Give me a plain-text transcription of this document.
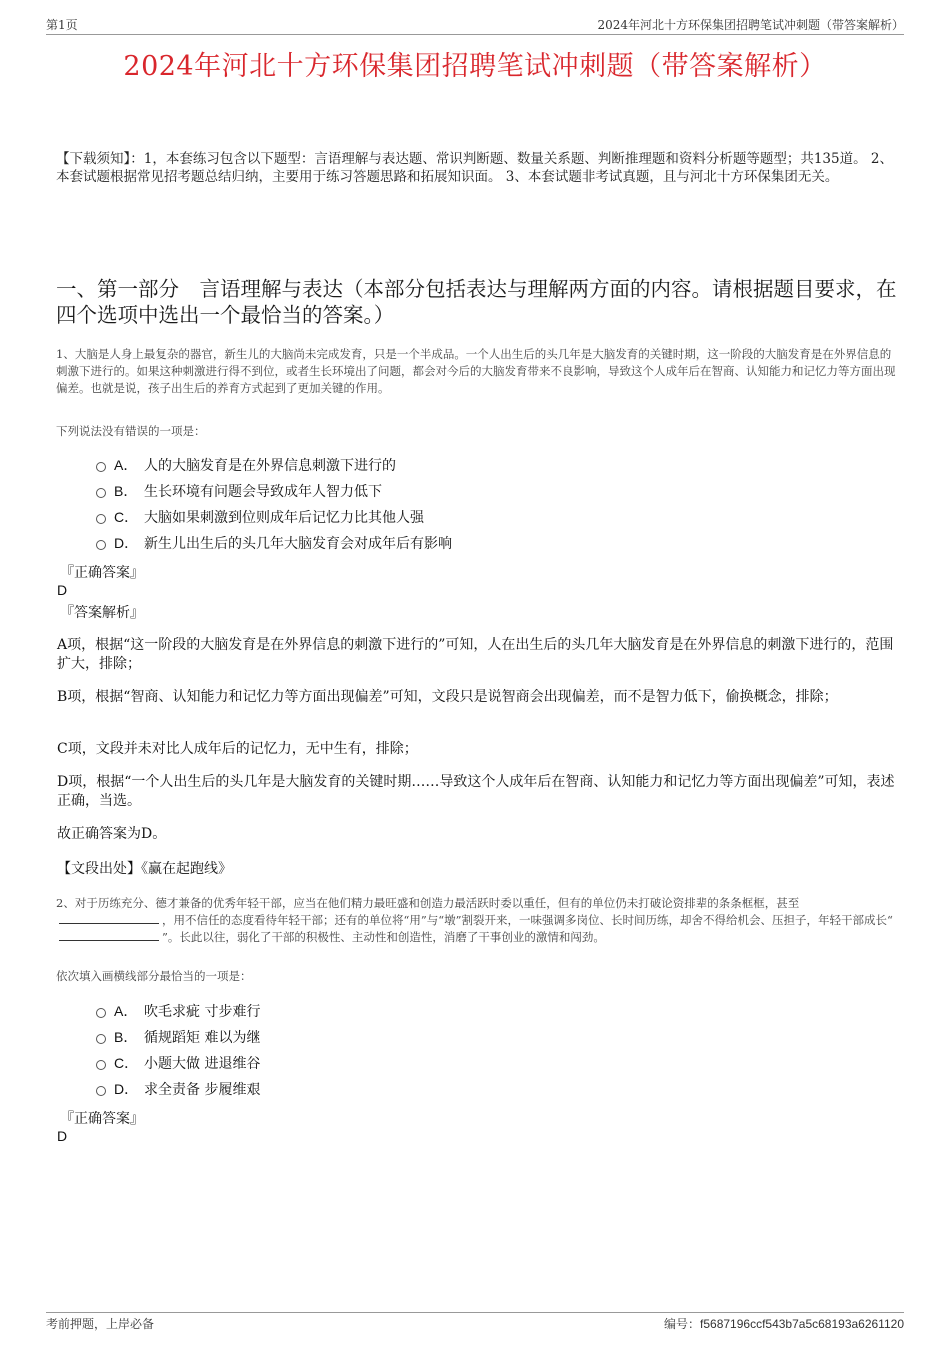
第1页	2024年河北十方环保集团招聘笔试冲刺题（带答案解析）
2024年河北十方环保集团招聘笔试冲刺题（带答案解析）
【下载须知】：1，本套练习包含以下题型：言语理解与表达题、常识判断题、数量关系题、判断推理题和资料分析题等题型；共135道。 2、本套试题根据常见招考题总结归纳，主要用于练习答题思路和拓展知识面。 3、本套试题非考试真题，且与河北十方环保集团无关。
一、第一部分　言语理解与表达（本部分包括表达与理解两方面的内容。请根据题目要求，在四个选项中选出一个最恰当的答案。）
1、大脑是人身上最复杂的器官，新生儿的大脑尚未完成发育，只是一个半成品。一个人出生后的头几年是大脑发育的关键时期，这一阶段的大脑发育是在外界信息的刺激下进行的。如果这种刺激进行得不到位，或者生长环境出了问题，都会对今后的大脑发育带来不良影响，导致这个人成年后在智商、认知能力和记忆力等方面出现偏差。也就是说，孩子出生后的养育方式起到了更加关键的作用。
下列说法没有错误的一项是：
A． 人的大脑发育是在外界信息刺激下进行的
B． 生长环境有问题会导致成年人智力低下
C． 大脑如果刺激到位则成年后记忆力比其他人强
D． 新生儿出生后的头几年大脑发育会对成年后有影响
『正确答案』
D
『答案解析』
A项，根据“这一阶段的大脑发育是在外界信息的刺激下进行的”可知，人在出生后的头几年大脑发育是在外界信息的刺激下进行的，范围扩大，排除；
B项，根据“智商、认知能力和记忆力等方面出现偏差”可知，文段只是说智商会出现偏差，而不是智力低下，偷换概念，排除；
C项，文段并未对比人成年后的记忆力，无中生有，排除；
D项，根据“一个人出生后的头几年是大脑发育的关键时期……导致这个人成年后在智商、认知能力和记忆力等方面出现偏差”可知，表述正确，当选。
故正确答案为D。
【文段出处】《赢在起跑线》
2、对于历练充分、德才兼备的优秀年轻干部，应当在他们精力最旺盛和创造力最活跃时委以重任，但有的单位仍未打破论资排辈的条条框框，甚至，用不信任的态度看待年轻干部；还有的单位将“用”与“墩”割裂开来，一味强调多岗位、长时间历练，却舍不得给机会、压担子，年轻干部成长“”。长此以往，弱化了干部的积极性、主动性和创造性，消磨了干事创业的激情和闯劲。
依次填入画横线部分最恰当的一项是：
A． 吹毛求疵 寸步难行
B． 循规蹈矩 难以为继
C． 小题大做 进退维谷
D． 求全责备 步履维艰
『正确答案』
D
考前押题，上岸必备	编号：f5687196ccf543b7a5c68193a6261120
